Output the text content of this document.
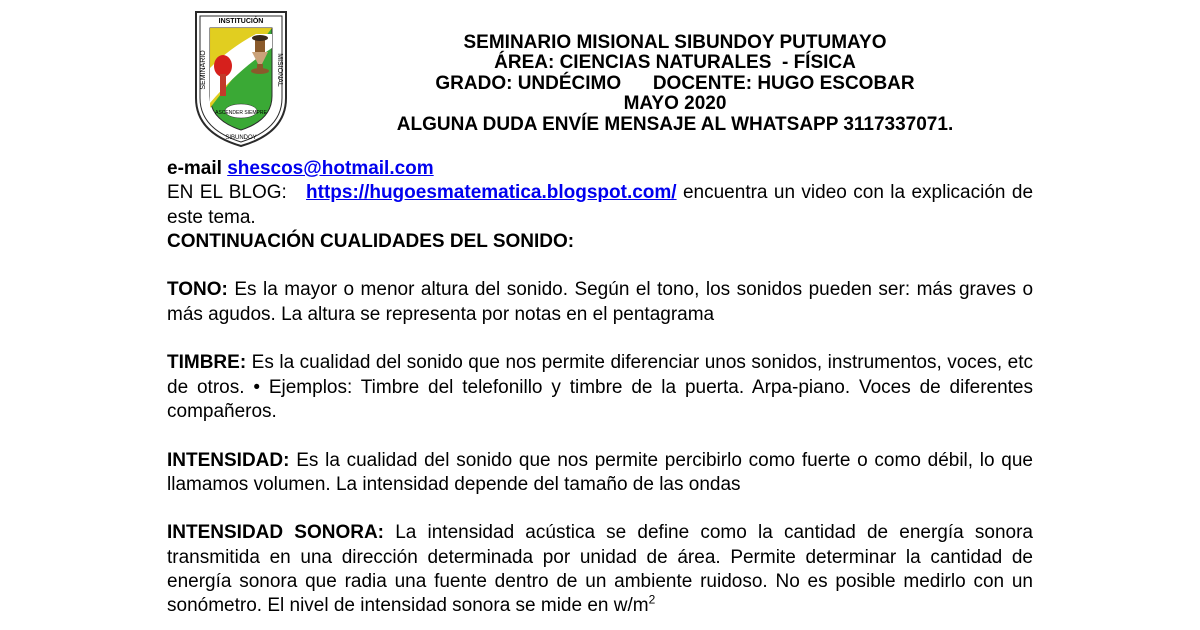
INSTITUCIÓN
SEMINARIO	MISIONAL
ASCENDER SIEMPRE
SIBUNDOY
SEMINARIO MISIONAL SIBUNDOY PUTUMAYO
ÁREA: CIENCIAS NATURALES  - FÍSICA
GRADO: UNDÉCIMO      DOCENTE: HUGO ESCOBAR
MAYO 2020
ALGUNA DUDA ENVÍE MENSAJE AL WHATSAPP 3117337071.

e-mail shescos@hotmail.com

EN EL BLOG: https://hugoesmatematica.blogspot.com/ encuentra un video con la explicación de este tema.

CONTINUACIÓN CUALIDADES DEL SONIDO:

TONO: Es la mayor o menor altura del sonido. Según el tono, los sonidos pueden ser: más graves o más agudos. La altura se representa por notas en el pentagrama

TIMBRE: Es la cualidad del sonido que nos permite diferenciar unos sonidos, instrumentos, voces, etc de otros. • Ejemplos: Timbre del telefonillo y timbre de la puerta. Arpa-piano. Voces de diferentes compañeros.

INTENSIDAD: Es la cualidad del sonido que nos permite percibirlo como fuerte o como débil, lo que llamamos volumen. La intensidad depende del tamaño de las ondas

INTENSIDAD SONORA: La intensidad acústica se define como la cantidad de energía sonora transmitida en una dirección determinada por unidad de área. Permite determinar la cantidad de energía sonora que radia una fuente dentro de un ambiente ruidoso. No es posible medirlo con un sonómetro. El nivel de intensidad sonora se mide en $w/m^2$
